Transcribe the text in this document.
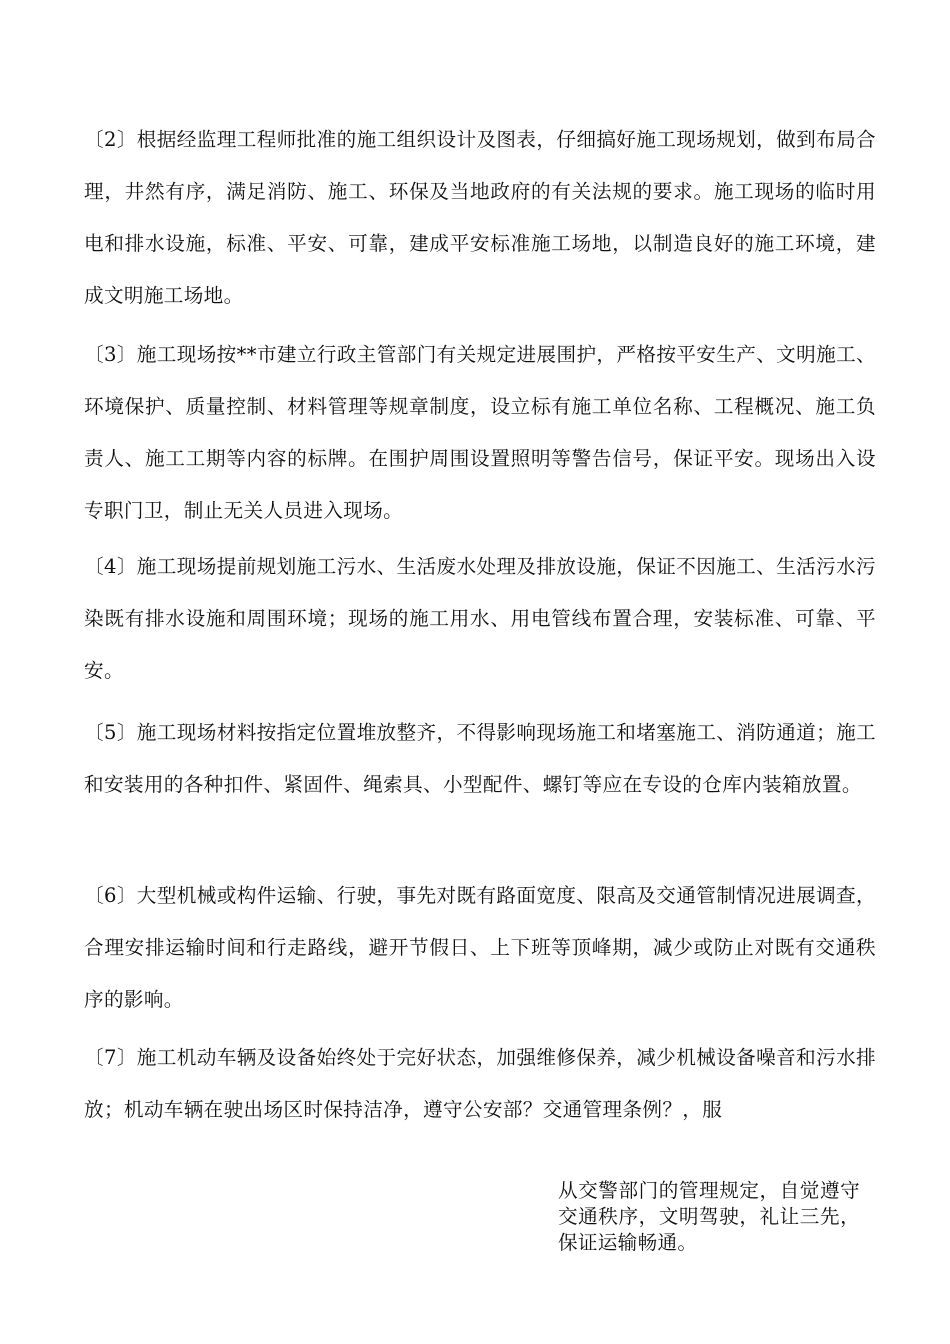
〔2〕根据经监理工程师批准的施工组织设计及图表，仔细搞好施工现场规划，做到布局合理，井然有序，满足消防、施工、环保及当地政府的有关法规的要求。施工现场的临时用电和排水设施，标准、平安、可靠，建成平安标准施工场地，以制造良好的施工环境，建成文明施工场地。

〔3〕施工现场按**市建立行政主管部门有关规定进展围护，严格按平安生产、文明施工、环境保护、质量控制、材料管理等规章制度，设立标有施工单位名称、工程概况、施工负责人、施工工期等内容的标牌。在围护周围设置照明等警告信号，保证平安。现场出入设专职门卫，制止无关人员进入现场。

〔4〕施工现场提前规划施工污水、生活废水处理及排放设施，保证不因施工、生活污水污染既有排水设施和周围环境；现场的施工用水、用电管线布置合理，安装标准、可靠、平安。

〔5〕施工现场材料按指定位置堆放整齐，不得影响现场施工和堵塞施工、消防通道；施工和安装用的各种扣件、紧固件、绳索具、小型配件、螺钉等应在专设的仓库内装箱放置。

〔6〕大型机械或构件运输、行驶，事先对既有路面宽度、限高及交通管制情况进展调查，合理安排运输时间和行走路线，避开节假日、上下班等顶峰期，减少或防止对既有交通秩序的影响。

〔7〕施工机动车辆及设备始终处于完好状态，加强维修保养，减少机械设备噪音和污水排放；机动车辆在驶出场区时保持洁净，遵守公安部？交通管理条例？，服

从交警部门的管理规定，自觉遵守交通秩序，文明驾驶，礼让三先，保证运输畅通。
